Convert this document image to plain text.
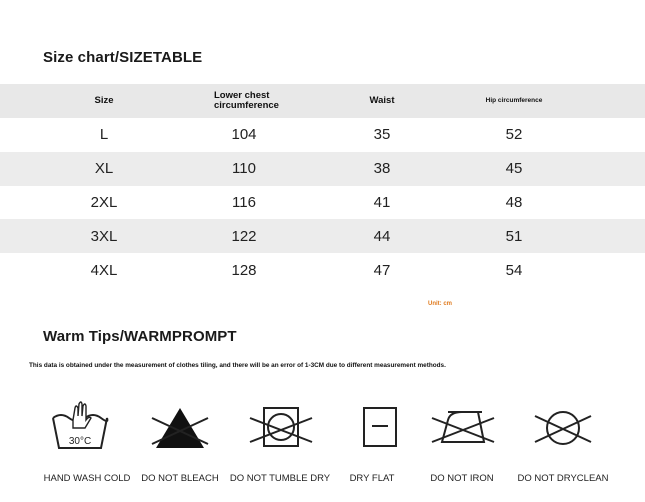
Size chart/SIZETABLE
Size	Lower chest circumference	Waist	Hip circumference
L	104	35	52
XL	110	38	45
2XL	116	41	48
3XL	122	44	51
4XL	128	47	54
Unit: cm
Warm Tips/WARMPROMPT
This data is obtained under the measurement of clothes tiling, and there will be an error of 1-3CM due to different measurement methods.
30°C
HAND WASH COLD	DO NOT BLEACH	DO NOT TUMBLE DRY	DRY FLAT	DO NOT IRON	DO NOT DRYCLEAN
